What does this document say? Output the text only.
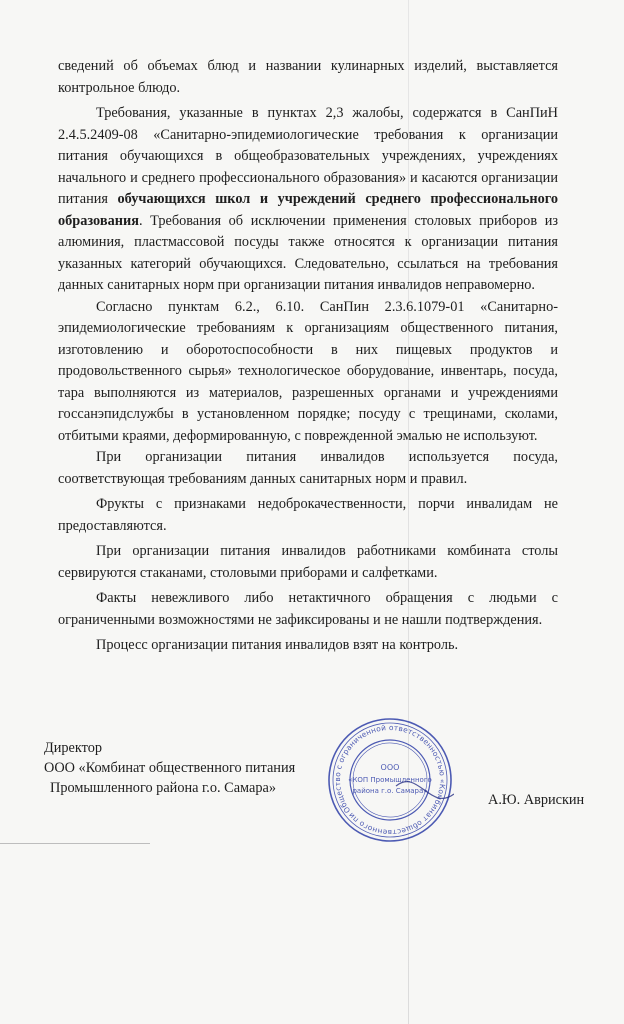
сведений об объемах блюд и названии кулинарных изделий, выставляется контрольное блюдо.

Требования, указанные в пунктах 2,3 жалобы, содержатся в СанПиН 2.4.5.2409-08 «Санитарно-эпидемиологические требования к организации питания обучающихся в общеобразовательных учреждениях, учреждениях начального и среднего профессионального образования» и касаются организации питания обучающихся школ и учреждений среднего профессионального образования. Требования об исключении применения столовых приборов из алюминия, пластмассовой посуды также относятся к организации питания указанных категорий обучающихся. Следовательно, ссылаться на требования данных санитарных норм при организации питания инвалидов неправомерно.

Согласно пунктам 6.2., 6.10. СанПин 2.3.6.1079-01 «Санитарно-эпидемиологические требованиям к организациям общественного питания, изготовлению и оборотоспособности в них пищевых продуктов и продовольственного сырья» технологическое оборудование, инвентарь, посуда, тара выполняются из материалов, разрешенных органами и учреждениями госсанэпидслужбы в установленном порядке; посуду с трещинами, сколами, отбитыми краями, деформированную, с поврежденной эмалью не используют.

При организации питания инвалидов используется посуда, соответствующая требованиям данных санитарных норм и правил.

Фрукты с признаками недоброкачественности, порчи инвалидам не предоставляются.

При организации питания инвалидов работниками комбината столы сервируются стаканами, столовыми приборами и салфетками.

Факты невежливого либо нетактичного обращения с людьми с ограниченными возможностями не зафиксированы и не нашли подтверждения.

Процесс организации питания инвалидов взят на контроль.

Директор
ООО «Комбинат общественного питания
Промышленного района г.о. Самара»
А.Ю. Аврискин
Общество с ограниченной ответственностью «Комбинат общественного питания	ООО
«КОП Промышленного
района г.о. Самара»
